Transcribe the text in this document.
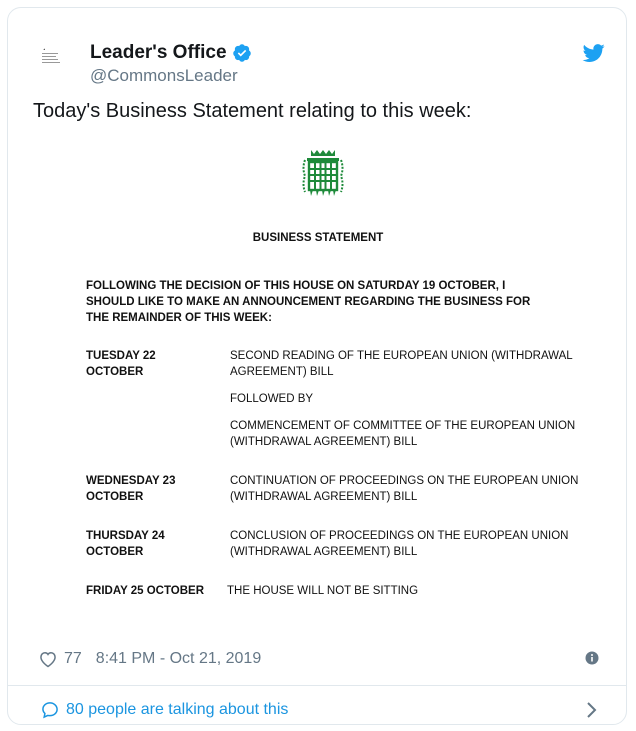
Leader's Office
@CommonsLeader
Today's Business Statement relating to this week:
BUSINESS STATEMENT
FOLLOWING THE DECISION OF THIS HOUSE ON SATURDAY 19 OCTOBER, I SHOULD LIKE TO MAKE AN ANNOUNCEMENT REGARDING THE BUSINESS FOR THE REMAINDER OF THIS WEEK:
TUESDAY 22 OCTOBER
SECOND READING OF THE EUROPEAN UNION (WITHDRAWAL AGREEMENT) BILL
FOLLOWED BY
COMMENCEMENT OF COMMITTEE OF THE EUROPEAN UNION (WITHDRAWAL AGREEMENT) BILL
WEDNESDAY 23 OCTOBER
CONTINUATION OF PROCEEDINGS ON THE EUROPEAN UNION (WITHDRAWAL AGREEMENT) BILL
THURSDAY 24 OCTOBER
CONCLUSION OF PROCEEDINGS ON THE EUROPEAN UNION (WITHDRAWAL AGREEMENT) BILL
FRIDAY 25 OCTOBER	THE HOUSE WILL NOT BE SITTING
77 8:41 PM - Oct 21, 2019
80 people are talking about this
